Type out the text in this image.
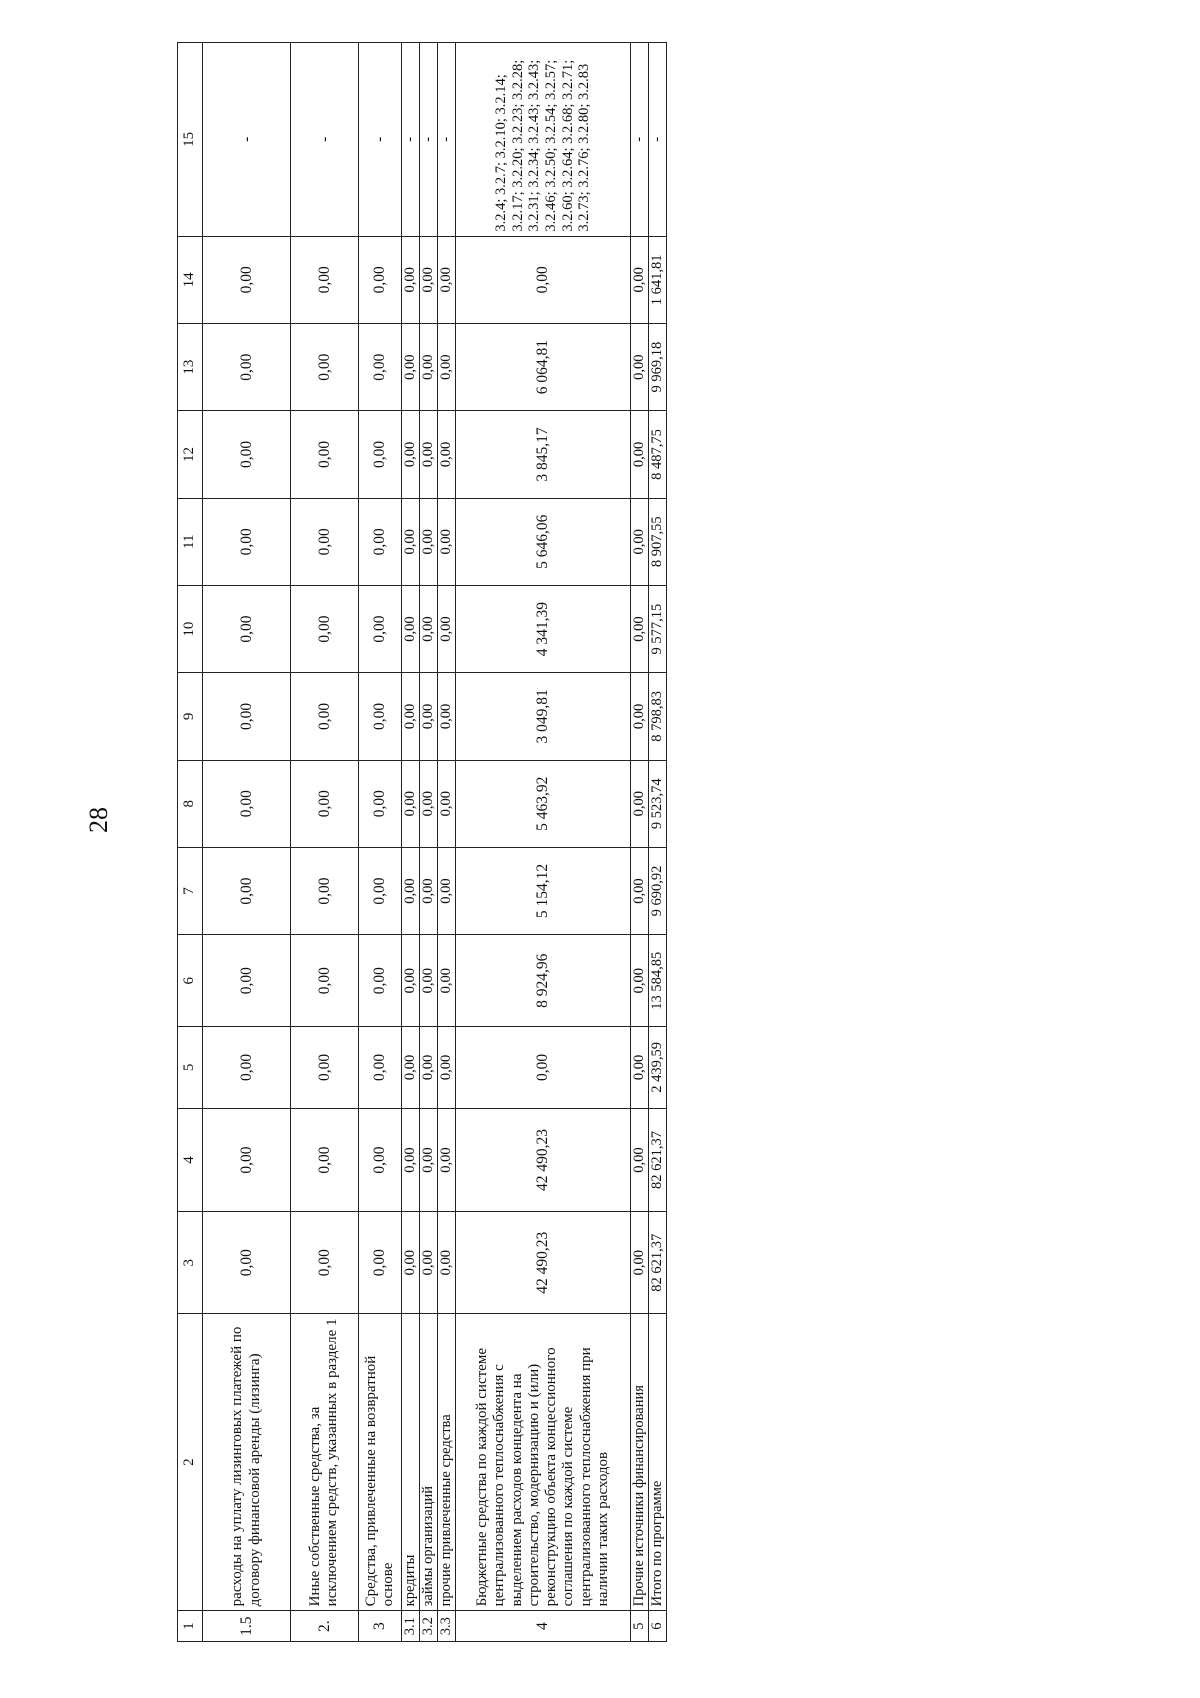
28
1	2	3	4	5	6	7	8	9	10	11	12	13	14	15
1.5	расходы на уплату лизинговых платежей по договору финансовой аренды (лизинга)	0,00	0,00	0,00	0,00	0,00	0,00	0,00	0,00	0,00	0,00	0,00	0,00	-
2.	Иные собственные средства, за исключением средств, указанных в разделе 1	0,00	0,00	0,00	0,00	0,00	0,00	0,00	0,00	0,00	0,00	0,00	0,00	-
3	Средства, привлеченные на возвратной основе	0,00	0,00	0,00	0,00	0,00	0,00	0,00	0,00	0,00	0,00	0,00	0,00	-
3.1	кредиты	0,00	0,00	0,00	0,00	0,00	0,00	0,00	0,00	0,00	0,00	0,00	0,00	-
3.2	займы организаций	0,00	0,00	0,00	0,00	0,00	0,00	0,00	0,00	0,00	0,00	0,00	0,00	-
3.3	прочие привлеченные средства	0,00	0,00	0,00	0,00	0,00	0,00	0,00	0,00	0,00	0,00	0,00	0,00	-
4	Бюджетные средства по каждой системе централизованного теплоснабжения с выделением расходов концедента на строительство, модернизацию и (или) реконструкцию объекта концессионного соглашения по каждой системе централизованного теплоснабжения при наличии таких расходов	42 490,23	42 490,23	0,00	8 924,96	5 154,12	5 463,92	3 049,81	4 341,39	5 646,06	3 845,17	6 064,81	0,00	3.2.4; 3.2.7; 3.2.10; 3.2.14; 3.2.17; 3.2.20; 3.2.23; 3.2.28; 3.2.31; 3.2.34; 3.2.43; 3.2.43; 3.2.46; 3.2.50; 3.2.54; 3.2.57; 3.2.60; 3.2.64; 3.2.68; 3.2.71; 3.2.73; 3.2.76; 3.2.80; 3.2.83
5	Прочие источники финансирования	0,00	0,00	0,00	0,00	0,00	0,00	0,00	0,00	0,00	0,00	0,00	0,00	-
6	Итого по программе	82 621,37	82 621,37	2 439,59	13 584,85	9 690,92	9 523,74	8 798,83	9 577,15	8 907,55	8 487,75	9 969,18	1 641,81	-
